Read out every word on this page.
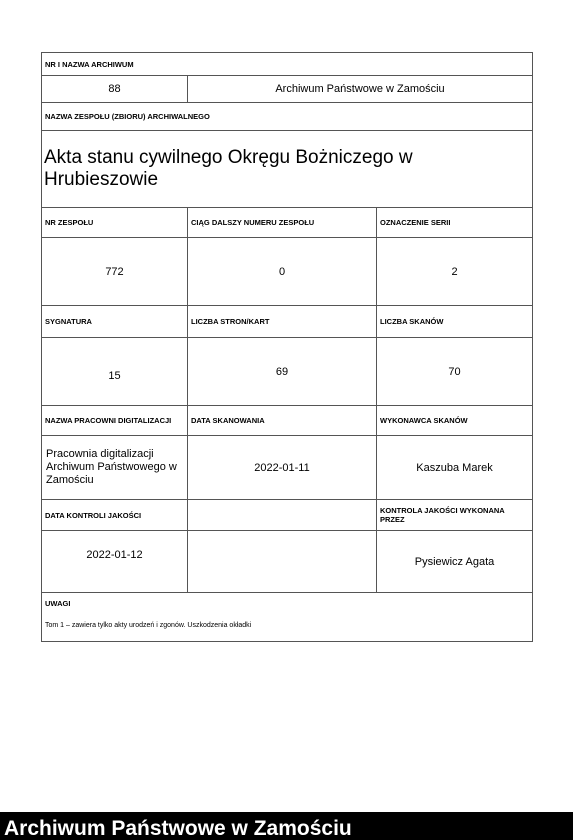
NR I NAZWA ARCHIWUM		
88	Archiwum Państwowe w Zamościu	
NAZWA ZESPOŁU (ZBIORU) ARCHIWALNEGO		
Akta stanu cywilnego Okręgu Bożniczego w Hrubieszowie		
NR ZESPOŁU	CIĄG DALSZY NUMERU ZESPOŁU	OZNACZENIE SERII
772	0	2
SYGNATURA	LICZBA STRON/KART	LICZBA SKANÓW
15	69	70
NAZWA PRACOWNI DIGITALIZACJI	DATA SKANOWANIA	WYKONAWCA SKANÓW
Pracownia digitalizacji Archiwum Państwowego w Zamościu	2022-01-11	Kaszuba Marek
DATA KONTROLI JAKOŚCI		KONTROLA JAKOŚCI WYKONANA PRZEZ
2022-01-12		Pysiewicz Agata

UWAGI
Tom 1 – zawiera tylko akty urodzeń i zgonów. Uszkodzenia okładki		
Archiwum Państwowe w Zamościu
